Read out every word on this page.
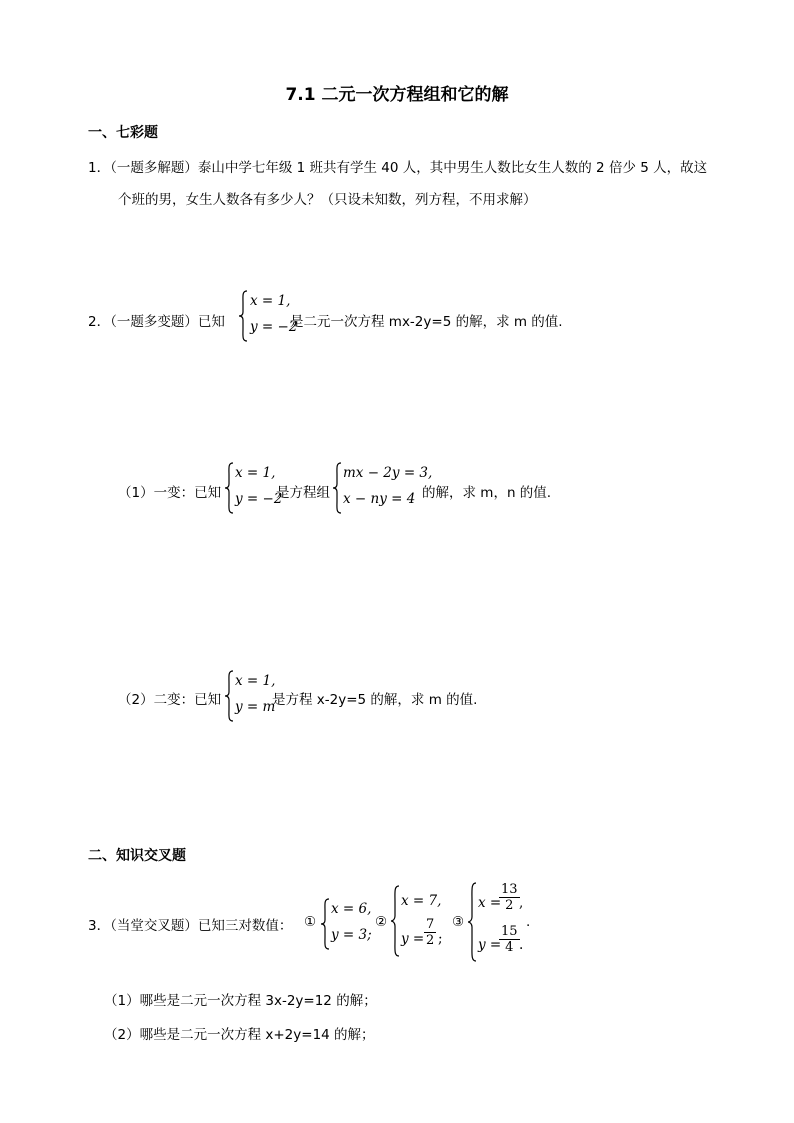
7.1 二元一次方程组和它的解
一、七彩题
1．（一题多解题）泰山中学七年级 1 班共有学生 40 人，其中男生人数比女生人数的 2 倍少 5 人，故这
个班的男，女生人数各有多少人？（只设未知数，列方程，不用求解）
2．（一题多变题）已知
x = 1,
y = −2
是二元一次方程 mx-2y=5 的解，求 m 的值.
（1）一变：已知
x = 1,
y = −2
是方程组
mx − 2y = 3,
x − ny = 4 的解，求 m，n 的值.
（2）二变：已知
x = 1,
y = m
是方程 x-2y=5 的解，求 m 的值.
二、知识交叉题
3．（当堂交叉题）已知三对数值： ①
x = 6,
y = 3;
②
x = 7,
$y = \frac{7}{2}$ ;
③
x =
$\frac{13}{2}$ ,
y =
$\frac{15}{4}$ .
.
（1）哪些是二元一次方程 3x-2y=12 的解；
（2）哪些是二元一次方程 x+2y=14 的解；
